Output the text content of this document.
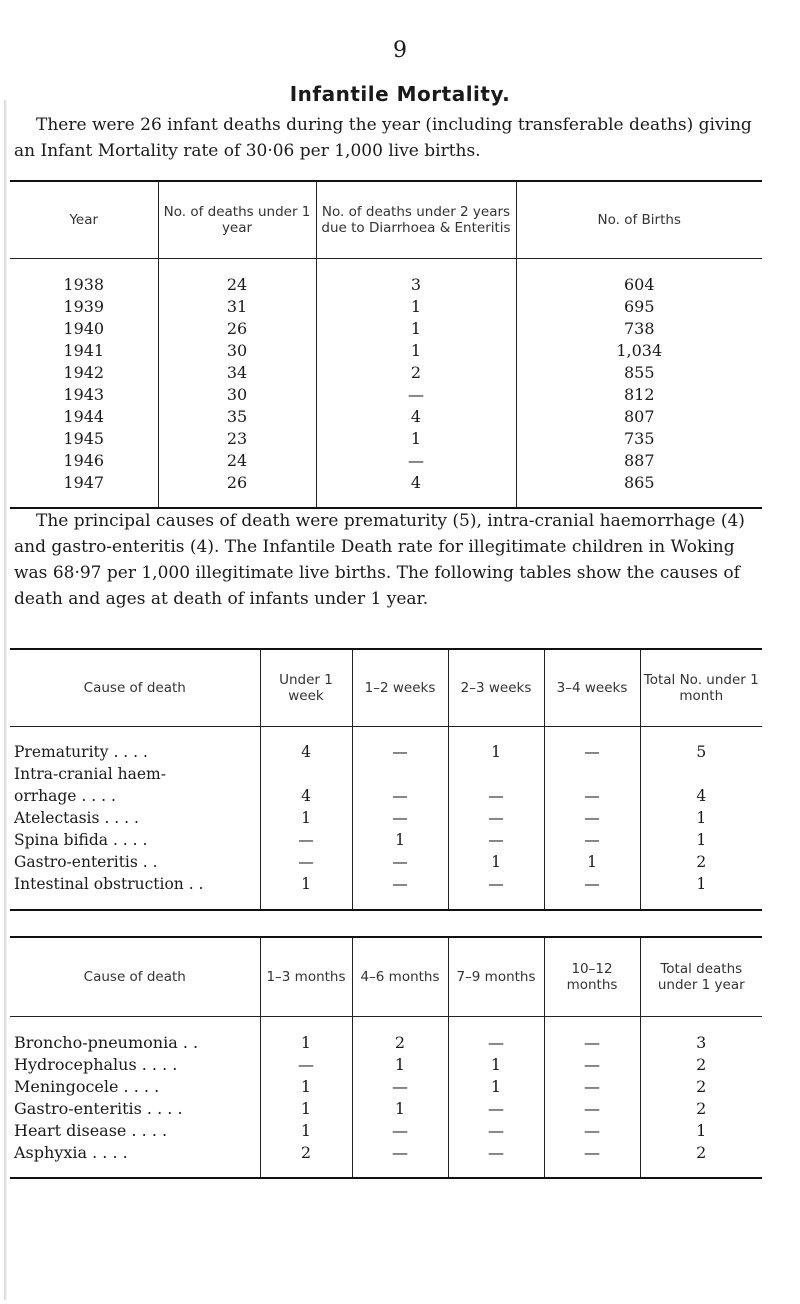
9
Infantile Mortality.

There were 26 infant deaths during the year (including transferable deaths) giving an Infant Mortality rate of 30·06 per 1,000 live births.

Year	No. of deaths under 1 year	No. of deaths under 2 years due to Diarrhoea & Enteritis	No. of Births
1938	24	3	604
1939	31	1	695
1940	26	1	738
1941	30	1	1,034
1942	34	2	855
1943	30	—	812
1944	35	4	807
1945	23	1	735
1946	24	—	887
1947	26	4	865

The principal causes of death were prematurity (5), intra-cranial haemorrhage (4) and gastro-enteritis (4). The Infantile Death rate for illegitimate children in Woking was 68·97 per 1,000 illegitimate live births. The following tables show the causes of death and ages at death of infants under 1 year.

Cause of death	Under 1 week	1–2 weeks	2–3 weeks	3–4 weeks	Total No. under 1 month
Prematurity . . . .	4	—	1	—	5
Intra-cranial haem-					
orrhage . . . .	4	—	—	—	4
Atelectasis . . . .	1	—	—	—	1
Spina bifida . . . .	—	1	—	—	1
Gastro-enteritis . .	—	—	1	1	2
Intestinal obstruction . .	1	—	—	—	1
Cause of death	1–3 months	4–6 months	7–9 months	10–12 months	Total deaths under 1 year
Broncho-pneumonia . .	1	2	—	—	3
Hydrocephalus . . . .	—	1	1	—	2
Meningocele . . . .	1	—	1	—	2
Gastro-enteritis . . . .	1	1	—	—	2
Heart disease . . . .	1	—	—	—	1
Asphyxia . . . .	2	—	—	—	2
